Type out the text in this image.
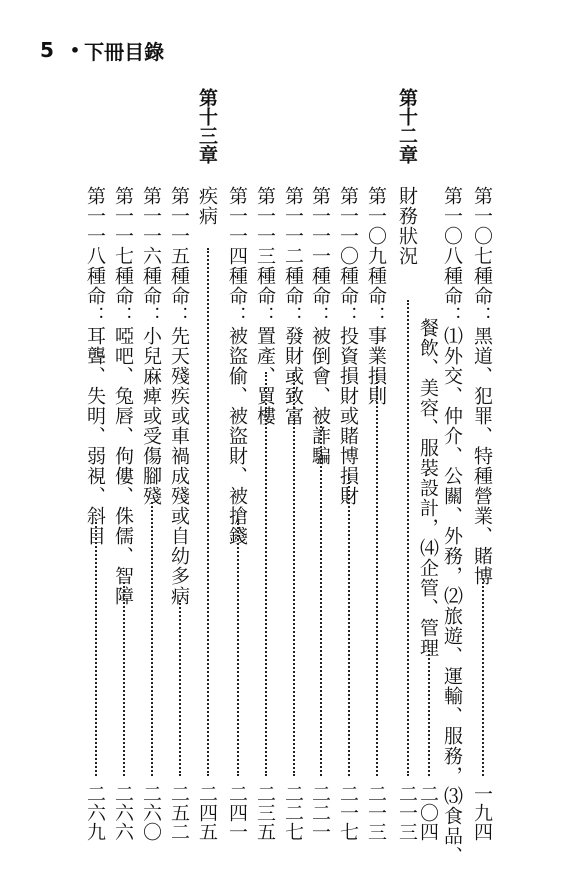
5 • 下冊目錄
第十二章
財務狀況
二一三
第一〇七種命：黑道、犯罪、特種營業、賭博
一九四
第一〇八種命：⑴外交、仲介、公關、外務，⑵旅遊、運輸、服務，⑶食品、
餐飲、美容、服裝設計，⑷企管、管理
二〇四
第一〇九種命：事業損則
二一三
第一一〇種命：投資損財或賭博損財
二一七
第一一一種命：被倒會、被詐騙
二二一
第一一二種命：發財或致富
二二七
第一一三種命：置產、買樓
二三五
第一一四種命：被盜偷、被盜財、被搶錢
二四一
第十三章
疾病
二四五
第一一五種命：先天殘疾或車禍成殘或自幼多病
二五二
第一一六種命：小兒麻痺或受傷腳殘
二六〇
第一一七種命：啞吧、兔唇、佝僂、侏儒、智障
二六六
第一一八種命：耳聾、失明、弱視、斜目
二六九
